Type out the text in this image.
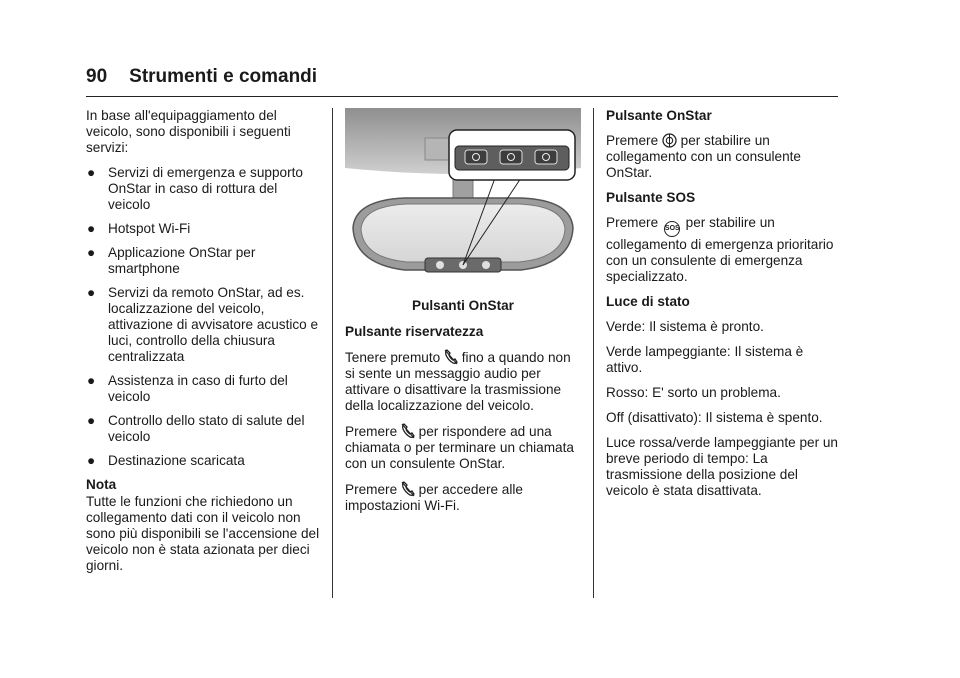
90 Strumenti e comandi

In base all'equipaggiamento del veicolo, sono disponibili i seguenti servizi:

● Servizi di emergenza e supporto OnStar in caso di rottura del veicolo
● Hotspot Wi-Fi
● Applicazione OnStar per smartphone
● Servizi da remoto OnStar, ad es. localizzazione del veicolo, attivazione di avvisatore acustico e luci, controllo della chiusura centralizzata
● Assistenza in caso di furto del veicolo
● Controllo dello stato di salute del veicolo
● Destinazione scaricata

Nota

Tutte le funzioni che richiedono un collegamento dati con il veicolo non sono più disponibili se l'accensione del veicolo non è stata azionata per dieci giorni.

Pulsanti OnStar

Pulsante riservatezza

Tenere premuto  fino a quando non si sente un messaggio audio per attivare o disattivare la trasmissione della localizzazione del veicolo.

Premere  per rispondere ad una chiamata o per terminare un chiamata con un consulente OnStar.

Premere  per accedere alle impostazioni Wi-Fi.

Pulsante OnStar

Premere  per stabilire un collegamento con un consulente OnStar.

Pulsante SOS

Premere SOS per stabilire un collegamento di emergenza prioritario con un consulente di emergenza specializzato.

Luce di stato

Verde: Il sistema è pronto.

Verde lampeggiante: Il sistema è attivo.

Rosso: E' sorto un problema.

Off (disattivato): Il sistema è spento.

Luce rossa/verde lampeggiante per un breve periodo di tempo: La trasmissione della posizione del veicolo è stata disattivata.
